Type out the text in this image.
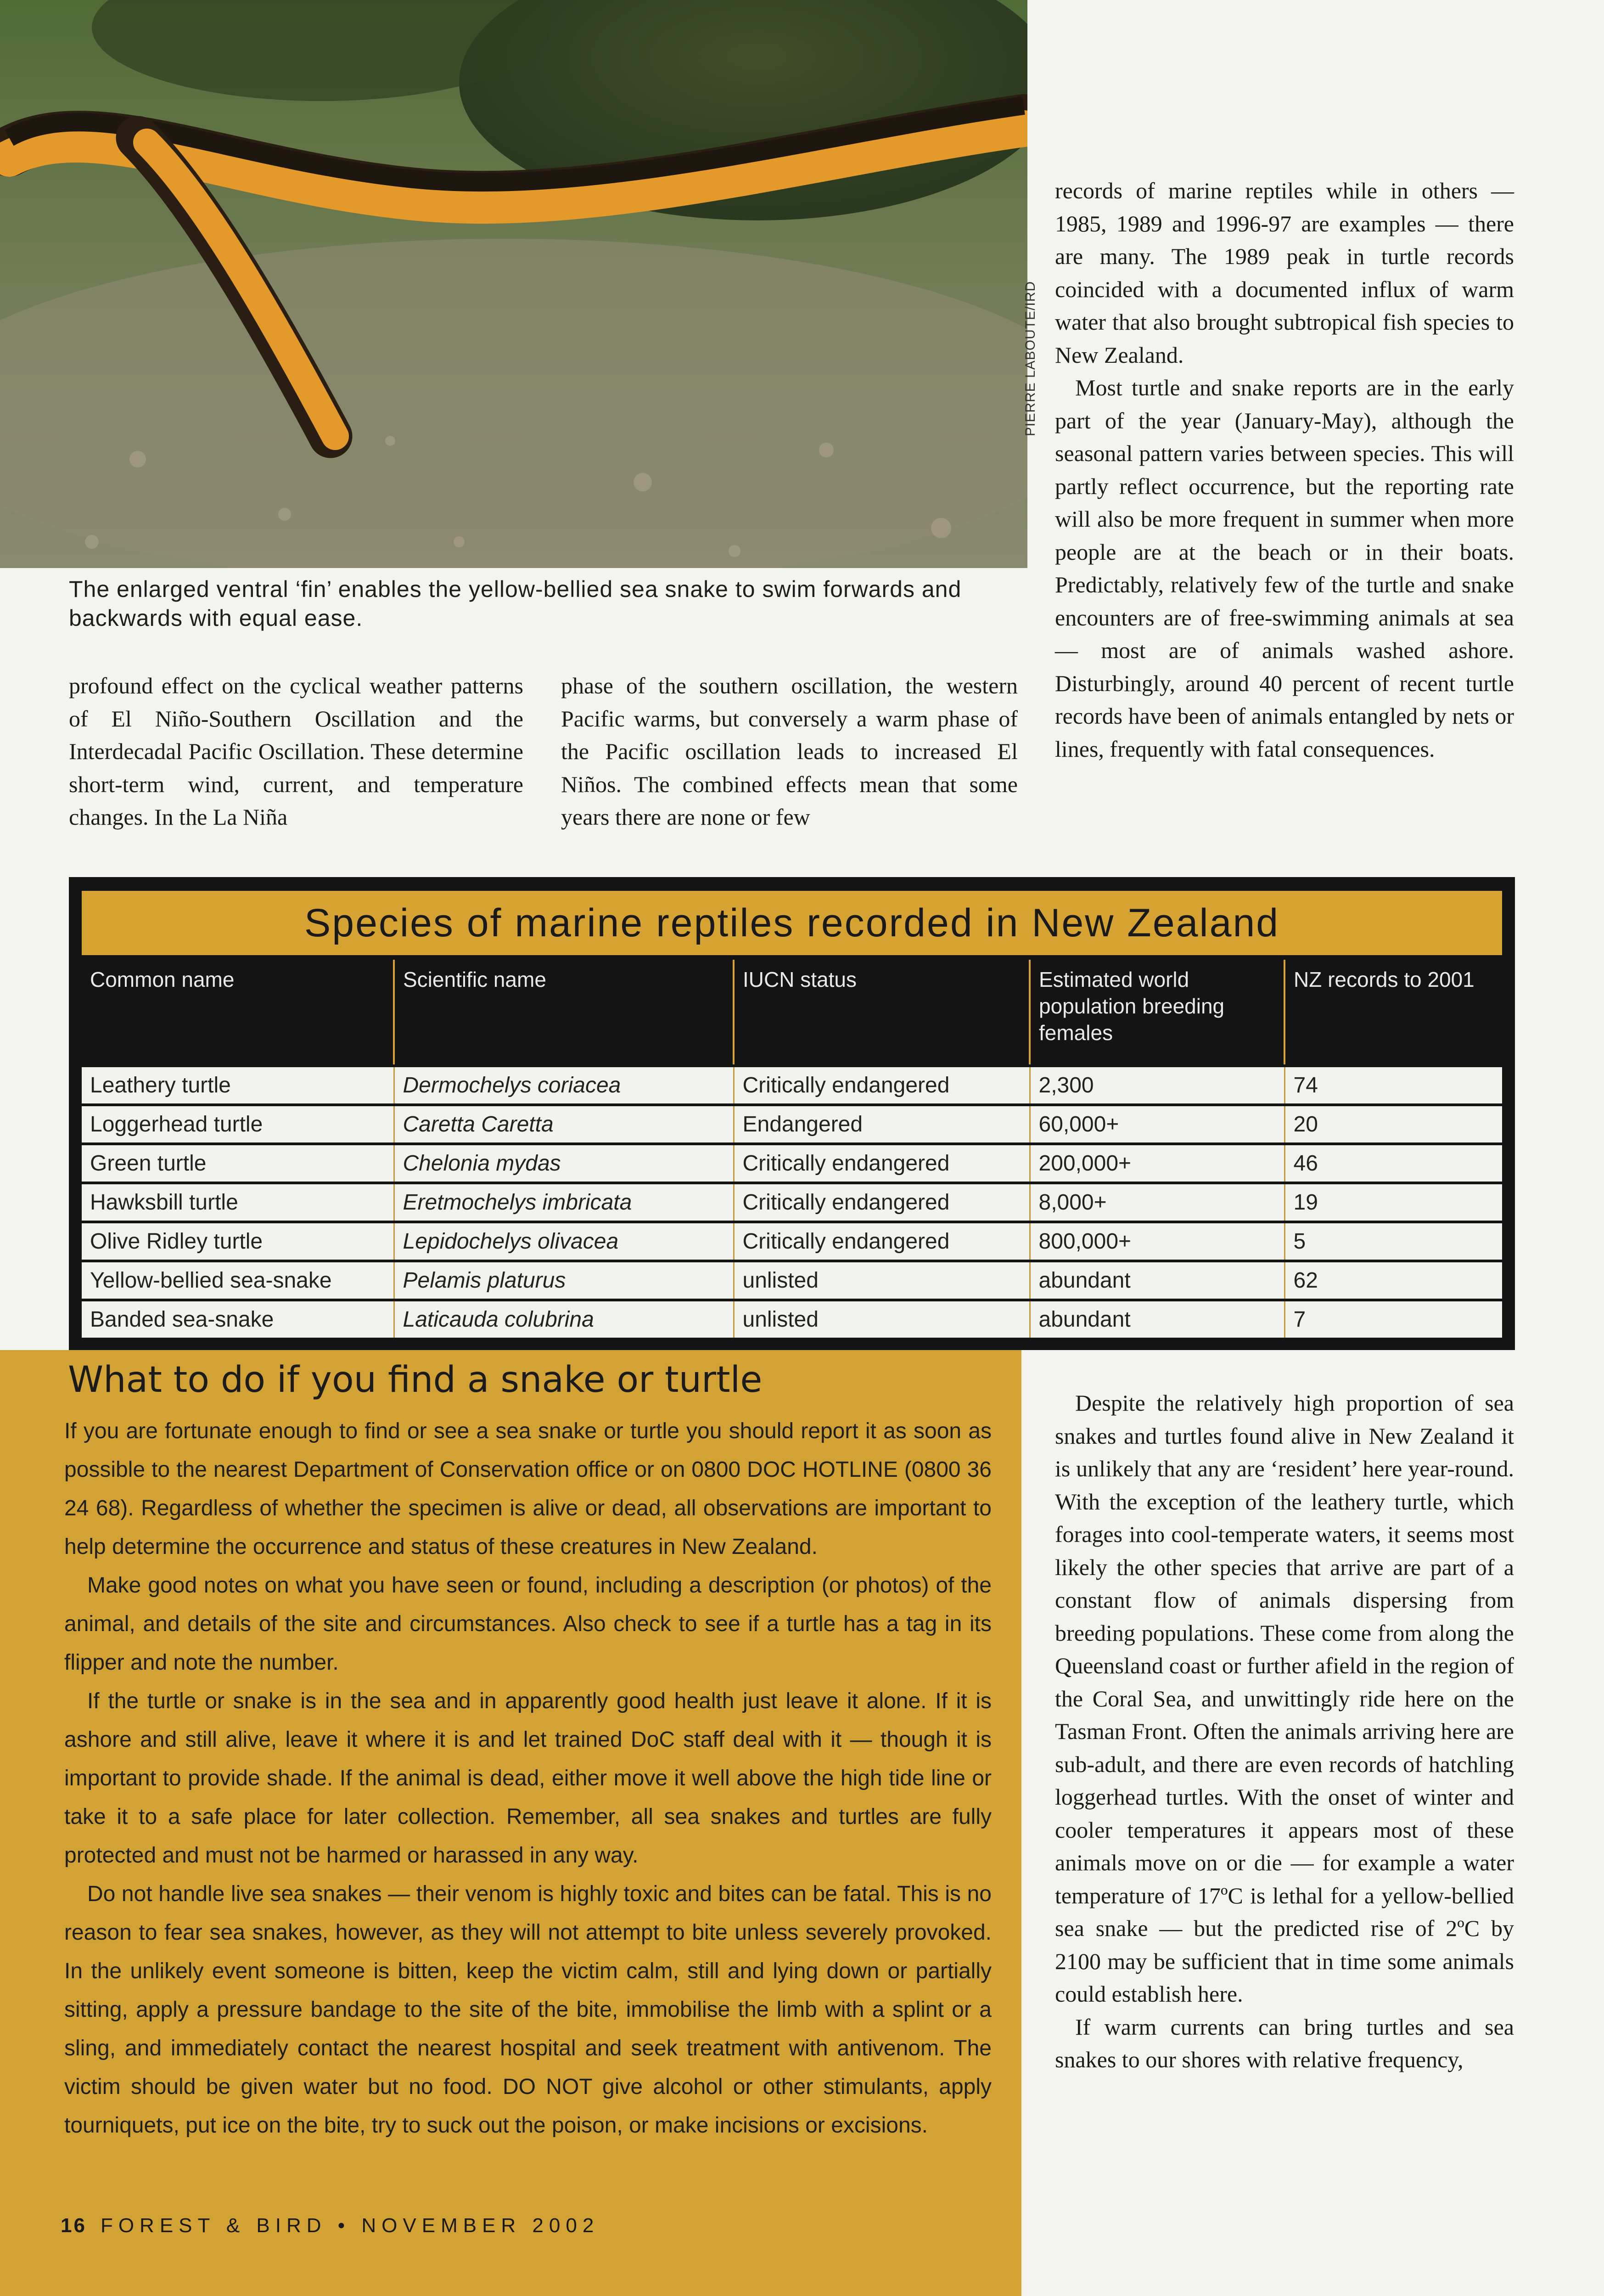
PIERRE LABOUTE/IRD
The enlarged ventral ‘fin’ enables the yellow-bellied sea snake to swim forwards and backwards with equal ease.

profound effect on the cyclical weather patterns of El Niño-Southern Oscillation and the Interdecadal Pacific Oscillation. These determine short-term wind, current, and temperature changes. In the La Niña

phase of the southern oscillation, the western Pacific warms, but conversely a warm phase of the Pacific oscillation leads to increased El Niños. The combined effects mean that some years there are none or few

records of marine reptiles while in others — 1985, 1989 and 1996-97 are examples — there are many. The 1989 peak in turtle records coincided with a documented influx of warm water that also brought subtropical fish species to New Zealand.

Most turtle and snake reports are in the early part of the year (January-May), although the seasonal pattern varies between species. This will partly reflect occurrence, but the reporting rate will also be more frequent in summer when more people are at the beach or in their boats. Predictably, relatively few of the turtle and snake encounters are of free-swimming animals at sea — most are of animals washed ashore. Disturbingly, around 40 percent of recent turtle records have been of animals entangled by nets or lines, frequently with fatal consequences.

Species of marine reptiles recorded in New Zealand
Common name	Scientific name	IUCN status	Estimated world population breeding females	NZ records to 2001
Leathery turtle	Dermochelys coriacea	Critically endangered	2,300	74
Loggerhead turtle	Caretta Caretta	Endangered	60,000+	20
Green turtle	Chelonia mydas	Critically endangered	200,000+	46
Hawksbill turtle	Eretmochelys imbricata	Critically endangered	8,000+	19
Olive Ridley turtle	Lepidochelys olivacea	Critically endangered	800,000+	5
Yellow-bellied sea-snake	Pelamis platurus	unlisted	abundant	62
Banded sea-snake	Laticauda colubrina	unlisted	abundant	7
What to do if you find a snake or turtle

If you are fortunate enough to find or see a sea snake or turtle you should report it as soon as possible to the nearest Department of Conservation office or on 0800 DOC HOTLINE (0800 36 24 68). Regardless of whether the specimen is alive or dead, all observations are important to help determine the occurrence and status of these creatures in New Zealand.

Make good notes on what you have seen or found, including a description (or photos) of the animal, and details of the site and circumstances. Also check to see if a turtle has a tag in its flipper and note the number.

If the turtle or snake is in the sea and in apparently good health just leave it alone. If it is ashore and still alive, leave it where it is and let trained DoC staff deal with it — though it is important to provide shade. If the animal is dead, either move it well above the high tide line or take it to a safe place for later collection. Remember, all sea snakes and turtles are fully protected and must not be harmed or harassed in any way.

Do not handle live sea snakes — their venom is highly toxic and bites can be fatal. This is no reason to fear sea snakes, however, as they will not attempt to bite unless severely provoked. In the unlikely event someone is bitten, keep the victim calm, still and lying down or partially sitting, apply a pressure bandage to the site of the bite, immobilise the limb with a splint or a sling, and immediately contact the nearest hospital and seek treatment with antivenom. The victim should be given water but no food. DO NOT give alcohol or other stimulants, apply tourniquets, put ice on the bite, try to suck out the poison, or make incisions or excisions.

Despite the relatively high proportion of sea snakes and turtles found alive in New Zealand it is unlikely that any are ‘resident’ here year-round. With the exception of the leathery turtle, which forages into cool-temperate waters, it seems most likely the other species that arrive are part of a constant flow of animals dispersing from breeding populations. These come from along the Queensland coast or further afield in the region of the Coral Sea, and unwittingly ride here on the Tasman Front. Often the animals arriving here are sub-adult, and there are even records of hatchling loggerhead turtles. With the onset of winter and cooler temperatures it appears most of these animals move on or die — for example a water temperature of 17ºC is lethal for a yellow-bellied sea snake — but the predicted rise of 2ºC by 2100 may be sufficient that in time some animals could establish here.

If warm currents can bring turtles and sea snakes to our shores with relative frequency,

16 FOREST & BIRD • NOVEMBER 2002
